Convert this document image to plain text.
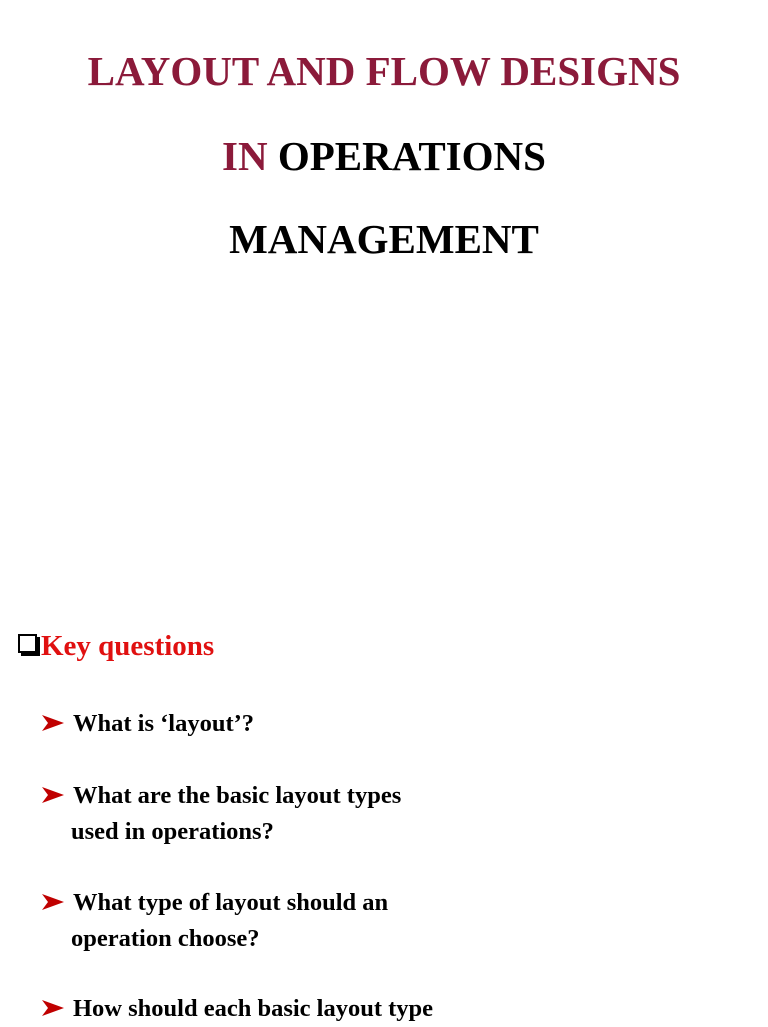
LAYOUT AND FLOW DESIGNS
IN OPERATIONS
MANAGEMENT
Key questions
What is ‘layout’?
What are the basic layout types
used in operations?
What type of layout should an
operation choose?
How should each basic layout type
